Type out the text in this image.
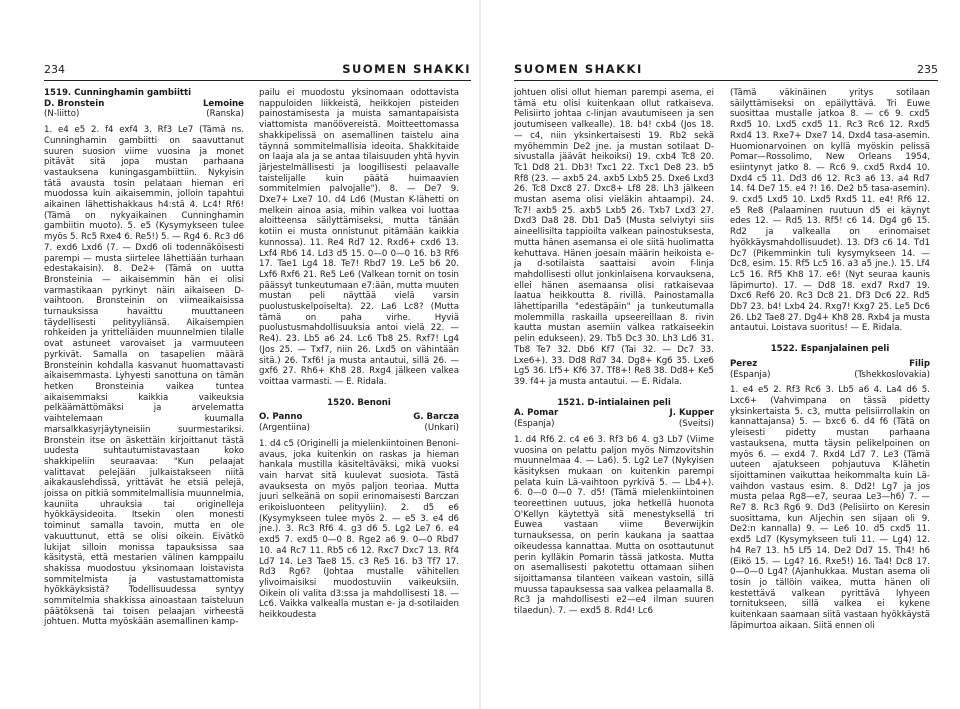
234	SUOMEN SHAKKI

1519. Cunninghamin gambiitti

D. Bronstein	Lemoine
(N-liitto)	(Ranska)

1. e4 e5 2. f4 exf4 3. Rf3 Le7 (Tämä ns. Cunninghamin gambiitti on saavuttanut suuren suosion viime vuosina ja monet pitävät sitä jopa mustan parhaana vastauksena kuningasgambiittiin. Nykyisin tätä avausta tosin pelataan hieman eri muodossa kuin aikaisemmin, jolloin tapahtui aikainen lähettishakkaus h4:stä 4. Lc4! Rf6! (Tämä on nykyaikainen Cunninghamin gambiitin muoto). 5. e5 (Kysymykseen tulee myös 5. Rc5 Rxe4 6. Re5!) 5. — Rg4 6. Rc3 d6 7. exd6 Lxd6 (7. — Dxd6 oli todennäköisesti parempi — musta siirtelee lähettiään turhaan edestakaisin). 8. De2+ (Tämä on uutta Bronsteinia — aikaisemmin hän ei olisi varmastikaan pyrkinyt näin aikaiseen D-vaihtoon. Bronsteinin on viimeaikaisissa turnauksissa havaittu muuttaneen täydellisesti pelityyliänsä. Aikaisempien rohkeiden ja yritteliäiden muunnelmien tilalle ovat astuneet varovaiset ja varmuuteen pyrkivät. Samalla on tasapelien määrä Bronsteinin kohdalla kasvanut huomattavasti aikaisemmasta. Lyhyesti sanottuna on tämän hetken Bronsteinia vaikea tuntea aikaisemmaksi kaikkia vaikeuksia pelkäämättömäksi ja arvelematta vaihtelemaan kuumalla marsalkkasyrjäytyneisiin suurmestariksi. Bronstein itse on äskettäin kirjoittanut tästä uudesta suhtautumistavastaan koko shakkipeliin seuraavaa: "Kun pelaajat valittavat pelejään julkaistakseen niitä aikakauslehdissä, yrittävät he etsiä pelejä, joissa on pitkiä sommitelmallisia muunnelmia, kauniita uhrauksia tai originelleja hyökkäysideoita. Itsekin olen monesti toiminut samalla tavoin, mutta en ole vakuuttunut, että se olisi oikein. Eivätkö lukijat silloin monissa tapauksissa saa käsitystä, että mestarien välinen kamppailu shakissa muodostuu yksinomaan loistavista sommitelmista ja vastustamattomista hyökkäyksistä? Todellisuudessa syntyy sommitelmia shakkissa ainoastaan taisteluun päätöksenä tai toisen pelaajan virheestä johtuen. Mutta myöskään asemallinen kamp-

pailu ei muodostu yksinomaan odottavista nappuloiden liikkeistä, heikkojen pisteiden painostamisesta ja muista samantapaisista viattomista manöövereistä. Moitteettomassa shakkipelissä on asemallinen taistelu aina täynnä sommitelmallisia ideoita. Shakkitaide on laaja ala ja se antaa tilaisuuden yhtä hyvin järjestelmällisesti ja loogillisesti pelaavalle taistelijalle kuin päätä huimaavien sommitelmien palvojalle"). 8. — De7 9. Dxe7+ Lxe7 10. d4 Ld6 (Mustan K-lähetti on melkein ainoa asia, mihin valkea voi luottaa aloitteensa säilyttämiseksi, mutta tänään kotiin ei musta onnistunut pitämään kaikkia kunnossa). 11. Re4 Rd7 12. Rxd6+ cxd6 13. Lxf4 Rb6 14. Ld3 d5 15. 0—0 0—0 16. b3 Rf6 17. Tae1 Lg4 18. Te7! Rbd7 19. Le5 b6 20. Lxf6 Rxf6 21. Re5 Le6 (Valkean tornit on tosin päässyt tunkeutumaan e7:ään, mutta muuten mustan peli näyttää vielä varsin puolustuskelpoiselta). 22. La6 Lc8? (Mutta tämä on paha virhe. Hyviä puolustusmahdollisuuksia antoi vielä 22. — Re4). 23. Lb5 a6 24. Lc6 Tb8 25. Rxf7! Lg4 (Jos 25. — Txf7, niin 26. Lxd5 on vähintään sitä.) 26. Txf6! ja musta antautui, sillä 26. — gxf6 27. Rh6+ Kh8 28. Rxg4 jälkeen valkea voittaa varmasti. — E. Ridala.

1520. Benoni

O. Panno	G. Barcza
(Argentiina)	(Unkari)

1. d4 c5 (Originelli ja mielenkiintoinen Benoni-avaus, joka kuitenkin on raskas ja hieman hankala mustilla käsiteltäväksi, mikä vuoksi vain harvat sitä kuulevat suosiota. Tästä avauksesta on myös paljon teoriaa. Mutta juuri selkeänä on sopii erinomaisesti Barczan erikoisluonteen pelityyliin). 2. d5 e6 (Kysymykseen tulee myös 2. — e5 3. e4 d6 jne.). 3. Rc3 Rf6 4. g3 d6 5. Lg2 Le7 6. e4 exd5 7. exd5 0—0 8. Rge2 a6 9. 0—0 Rbd7 10. a4 Rc7 11. Rb5 c6 12. Rxc7 Dxc7 13. Rf4 Ld7 14. Le3 Tae8 15. c3 Re5 16. b3 Tf7 17. Rd3 Rg6? (Johtaa mustalle vähitellen ylivoimaisiksi muodostuviin vaikeuksiin. Oikein oli valita d3:ssa ja mahdollisesti 18. — Lc6. Vaikka valkealla mustan e- ja d-sotilaiden heikkoudesta

SUOMEN SHAKKI	235

johtuen olisi ollut hieman parempi asema, ei tämä etu olisi kuitenkaan ollut ratkaiseva. Pelisiirto johtaa c-linjan avautumiseen ja sen joutumiseen valkealle). 18. b4! cxb4 (Jos 18. — c4, niin yksinkertaisesti 19. Rb2 sekä myöhemmin De2 jne. ja mustan sotilaat D-sivustalla jäävät heikoiksi) 19. cxb4 Tc8 20. Tc1 Dd8 21. Db3! Txc1 22. Txc1 De8 23. b5 Rf8 (23. — axb5 24. axb5 Lxb5 25. Dxe6 Lxd3 26. Tc8 Dxc8 27. Dxc8+ Lf8 28. Lh3 jälkeen mustan asema olisi vieläkin ahtaampi). 24. Tc7! axb5 25. axb5 Lxb5 26. Txb7 Lxd3 27. Dxd3 Da8 28. Db1 Da5 (Musta selviytyi siis aineellisilta tappioilta valkean painostuksesta, mutta hänen asemansa ei ole siitä huolimatta kehuttava. Hänen joesain määrin heikoista e- ja d-sotilaista saattaisi avoin f-linja mahdollisesti ollut jonkinlaisena korvauksena, ellei hänen asemaansa olisi ratkaisevaa laatua heikkoutta 8. rivillä. Painostamalla lähettiparilla "edestäpäin" ja tunkeutumalla molemmilla raskailla upseereillaan 8. rivin kautta mustan asemiin valkea ratkaiseekin pelin edukseen). 29. Tb5 Dc3 30. Lh3 Ld6 31. Tb8 Te7 32. Db6 Kf7 (Tai 32. — Dc7 33. Lxe6+). 33. Dd8 Rd7 34. Dg8+ Kg6 35. Lxe6 Lg5 36. Lf5+ Kf6 37. Tf8+! Re8 38. Dd8+ Ke5 39. f4+ ja musta antautui. — E. Ridala.

1521. D-intialainen peli

A. Pomar	J. Kupper
(Espanja)	(Sveitsi)

1. d4 Rf6 2. c4 e6 3. Rf3 b6 4. g3 Lb7 (Viime vuosina on pelattu paljon myös Nimzovitshin muunnelmaa 4. — La6). 5. Lg2 Le7 (Nykyisen käsityksen mukaan on kuitenkin parempi pelata kuin Lä-vaihtoon pyrkivä 5. — Lb4+). 6. 0—0 0—0 7. d5! (Tämä mielenkiintoinen teoreettinen uutuus, joka hetkellä huonota O'Kellyn käytettyä sitä menestyksellä tri Euwea vastaan viime Beverwijkin turnauksessa, on perin kaukana ja saattaa oikeudessa kannattaa. Mutta on osottautunut perin kylläkin Pomarin tässä jatkosta. Mutta on asemallisesti pakotettu ottamaan siihen sijoittamansa tilanteen vaikean vastoin, sillä muussa tapauksessa saa valkea pelaamalla 8. Rc3 ja mahdollisesti e2—e4 ilman suuren tilaedun). 7. — exd5 8. Rd4! Lc6

(Tämä väkinäinen yritys sotilaan säilyttämiseksi on epäilyttävä. Tri Euwe suosittaa mustalle jatkoa 8. — c6 9. cxd5 Rxd5 10. Lxd5 cxd5 11. Rc3 Rc6 12. Rxd5 Rxd4 13. Rxe7+ Dxe7 14. Dxd4 tasa-asemin. Huomionarvoinen on kyllä myöskin pelissä Pomar—Rossolimo, New Orleans 1954, esiintynyt jatko 8. — Rc6 9. cxd5 Rxd4 10. Dxd4 c5 11. Dd3 d6 12. Rc3 a6 13. a4 Rd7 14. f4 De7 15. e4 ?! 16. De2 b5 tasa-asemin). 9. cxd5 Lxd5 10. Lxd5 Rxd5 11. e4! Rf6 12. e5 Re8 (Palaaminen ruutuun d5 ei käynyt edes 12. — Rd5 13. Rf5! c6 14. Dg4 g6 15. Rd2 ja valkealla on erinomaiset hyökkäysmahdollisuudet). 13. Df3 c6 14. Td1 Dc7 (Pikemminkin tuli kysymykseen 14. — Dc8, esim. 15. Rf5 Lc5 16. a3 a5 jne.). 15. Lf4 Lc5 16. Rf5 Kh8 17. e6! (Nyt seuraa kaunis läpimurto). 17. — Dd8 18. exd7 Rxd7 19. Dxc6 Ref6 20. Rc3 Dc8 21. Df3 Dc6 22. Rd5 Db7 23. b4! Lxb4 24. Rxg7! Kxg7 25. Le5 Dc6 26. Lb2 Tae8 27. Dg4+ Kh8 28. Rxb4 ja musta antautui. Loistava suoritus! — E. Ridala.

1522. Espanjalainen peli

Perez	Filip
(Espanja)	(Tshekkoslovakia)

1. e4 e5 2. Rf3 Rc6 3. Lb5 a6 4. La4 d6 5. Lxc6+ (Vahvimpana on tässä pidetty yksinkertaista 5. c3, mutta pelisiirrollakin on kannattajansa) 5. — bxc6 6. d4 f6 (Tätä on yleisesti pidetty mustan parhaana vastauksena, mutta täysin pelikelpoinen on myös 6. — exd4 7. Rxd4 Ld7 7. Le3 (Tämä uuteen ajatukseen pohjautuva K-lähetin sijoittaminen vaikuttaa heikommalta kuin Lä-vaihdon vastaus esim. 8. Dd2! Lg7 ja jos musta pelaa Rg8—e7, seuraa Le3—h6) 7. — Re7 8. Rc3 Rg6 9. Dd3 (Pelisiirto on Keresin suosittama, kun Aljechin sen sijaan oli 9. De2:n kannalla) 9. — Le6 10. d5 cxd5 11. exd5 Ld7 (Kysymykseen tuli 11. — Lg4) 12. h4 Re7 13. h5 Lf5 14. De2 Dd7 15. Th4! h6 (Eikö 15. — Lg4? 16. Rxe5!) 16. Ta4! Dc8 17. 0—0—0 Lg4? (Ajanhukkaa. Mustan asema oli tosin jo tällöin vaikea, mutta hänen oli kestettävä valkean pyrittävä lyhyeen tornitukseen, sillä valkea ei kykene kuitenkaan saamaan siitä vastaan hyökkäystä läpimurtoa aikaan. Siitä ennen oli
